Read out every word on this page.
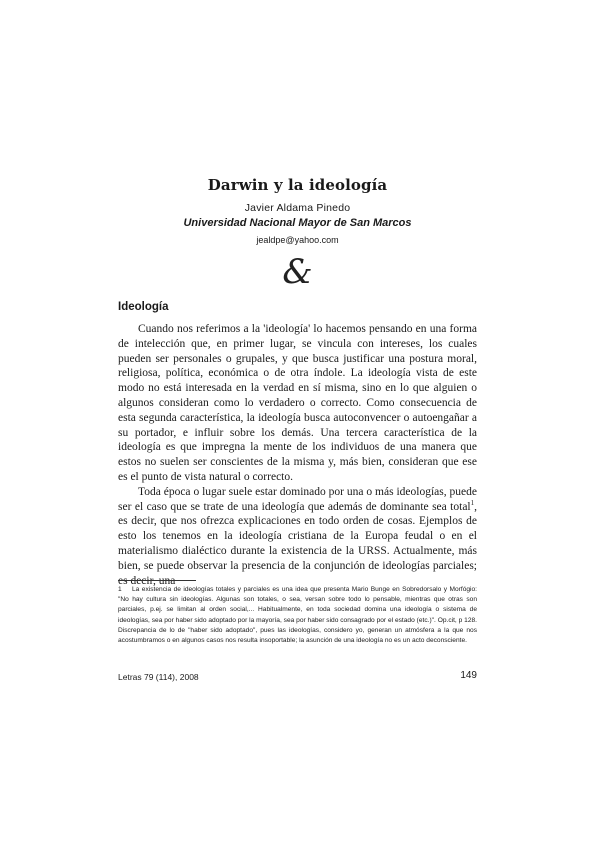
Darwin y la ideología
Javier Aldama Pinedo
Universidad Nacional Mayor de San Marcos
jealdpe@yahoo.com
&
Ideología

Cuando nos referimos a la 'ideología' lo hacemos pensando en una forma de intelección que, en primer lugar, se vincula con intereses, los cuales pueden ser personales o grupales, y que busca justificar una postura moral, religiosa, política, económica o de otra índole. La ideología vista de este modo no está interesada en la verdad en sí misma, sino en lo que alguien o algunos consideran como lo verdadero o correcto. Como consecuencia de esta segunda característica, la ideología busca autoconvencer o autoengañar a su portador, e influir sobre los demás. Una tercera característica de la ideología es que impregna la mente de los individuos de una manera que estos no suelen ser conscientes de la misma y, más bien, consideran que ese es el punto de vista natural o correcto.

Toda época o lugar suele estar dominado por una o más ideologías, puede ser el caso que se trate de una ideología que además de dominante sea total$^1$, es decir, que nos ofrezca explicaciones en todo orden de cosas. Ejemplos de esto los tenemos en la ideología cristiana de la Europa feudal o en el materialismo dialéctico durante la existencia de la URSS. Actualmente, más bien, se puede observar la presencia de la conjunción de ideologías parciales; es decir, una

1 La existencia de ideologías totales y parciales es una idea que presenta Mario Bunge en Sobredorsalo y Morfógio: "No hay cultura sin ideologías. Algunas son totales, o sea, versan sobre todo lo pensable, mientras que otras son parciales, p.ej. se limitan al orden social,... Habitualmente, en toda sociedad domina una ideología o sistema de ideologías, sea por haber sido adoptado por la mayoría, sea por haber sido consagrado por el estado (etc.)". Op.cit, p 128. Discrepancia de lo de "haber sido adoptado", pues las ideologías, considero yo, generan un atmósfera a la que nos acostumbramos o en algunos casos nos resulta insoportable; la asunción de una ideología no es un acto deconsciente.
Letras 79 (114), 2008	149
